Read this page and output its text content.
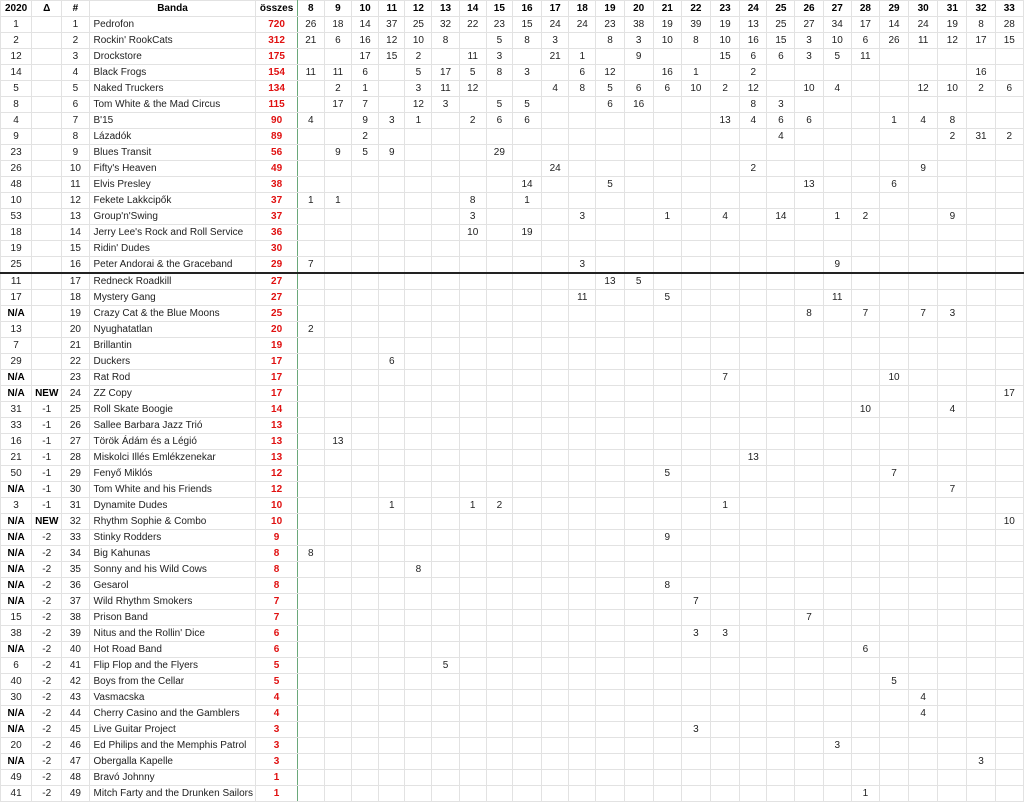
2020	Δ	#	Banda	összes	8	9	10	11	12	13	14	15	16	17	18	19	20	21	22	23	24	25	26	27	28	29	30	31	32	33
1		1	Pedrofon	720	26	18	14	37	25	32	22	23	15	24	24	23	38	19	39	19	13	25	27	34	17	14	24	19	8	28
2		2	Rockin' RookCats	312	21	6	16	12	10	8		5	8	3		8	3	10	8	10	16	15	3	10	6	26	11	12	17	15
12		3	Drockstore	175			17	15	2		11	3		21	1		9			15	6	6	3	5	11					
14		4	Black Frogs	154	11	11	6		5	17	5	8	3		6	12		16	1		2								16	
5		5	Naked Truckers	134		2	1		3	11	12			4	8	5	6	6	10	2	12		10	4			12	10	2	6
8		6	Tom White & the Mad Circus	115		17	7		12	3		5	5			6	16				8	3								
4		7	B'15	90	4		9	3	1		2	6	6							13	4	6	6			1	4	8		
9		8	Lázadók	89			2															4						2	31	2
23		9	Blues Transit	56		9	5	9				29																		
26		10	Fifty's Heaven	49										24							2						9			
48		11	Elvis Presley	38									14			5							13			6				
10		12	Fekete Lakkcipők	37	1	1					8		1																	
53		13	Group'n'Swing	37							3				3			1		4		14		1	2			9		
18		14	Jerry Lee's Rock and Roll Service	36							10		19																	
19		15	Ridin' Dudes	30																										
25		16	Peter Andorai & the Graceband	29	7										3									9						
11		17	Redneck Roadkill	27												13	5													
17		18	Mystery Gang	27											11			5						11						
N/A		19	Crazy Cat & the Blue Moons	25																			8		7		7	3		
13		20	Nyughatatlan	20	2																									
7		21	Brillantin	19																										
29		22	Duckers	17				6																						
N/A		23	Rat Rod	17																7						10				
N/A	NEW	24	ZZ Copy	17																										17
31	-1	25	Roll Skate Boogie	14																					10			4		
33	-1	26	Sallee Barbara Jazz Trió	13																										
16	-1	27	Török Ádám és a Légió	13		13																								
21	-1	28	Miskolci Illés Emlékzenekar	13																	13									
50	-1	29	Fenyő Miklós	12														5								7				
N/A	-1	30	Tom White and his Friends	12																								7		
3	-1	31	Dynamite Dudes	10				1			1	2								1										
N/A	NEW	32	Rhythm Sophie & Combo	10																										10
N/A	-2	33	Stinky Rodders	9														9												
N/A	-2	34	Big Kahunas	8	8																									
N/A	-2	35	Sonny and his Wild Cows	8					8																					
N/A	-2	36	Gesarol	8														8												
N/A	-2	37	Wild Rhythm Smokers	7															7											
15	-2	38	Prison Band	7																			7							
38	-2	39	Nitus and the Rollin' Dice	6															3	3										
N/A	-2	40	Hot Road Band	6																					6					
6	-2	41	Flip Flop and the Flyers	5						5																				
40	-2	42	Boys from the Cellar	5																						5				
30	-2	43	Vasmacska	4																							4			
N/A	-2	44	Cherry Casino and the Gamblers	4																							4			
N/A	-2	45	Live Guitar Project	3															3											
20	-2	46	Ed Philips and the Memphis Patrol	3																				3						
N/A	-2	47	Obergalla Kapelle	3																									3	
49	-2	48	Bravó Johnny	1																										
41	-2	49	Mitch Farty and the Drunken Sailors	1																					1					
